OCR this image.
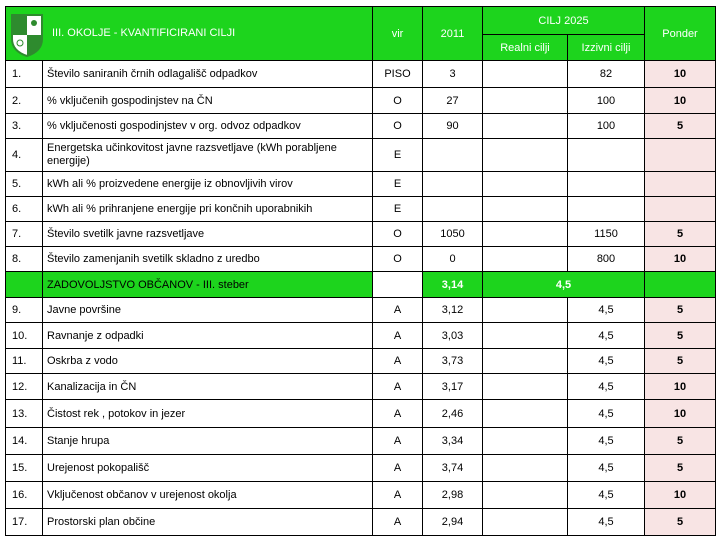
III. OKOLJE - KVANTIFICIRANI CILJI		vir	2011	CILJ 2025		Ponder
				Realni cilji	Izzivni cilji	
1.	Število saniranih črnih odlagališč odpadkov	PISO	3		82	10
2.	% vključenih gospodinjstev na ČN	O	27		100	10
3.	% vključenosti gospodinjstev v org. odvoz odpadkov	O	90		100	5
4.	Energetska učinkovitost javne razsvetljave (kWh porabljene energije)	E				
5.	kWh ali % proizvedene energije iz obnovljivih virov	E				
6.	kWh ali % prihranjene energije pri končnih uporabnikih	E				
7.	Število svetilk javne razsvetljave	O	1050		1150	5
8.	Število zamenjanih svetilk skladno z uredbo	O	0		800	10
	ZADOVOLJSTVO OBČANOV - III. steber		3,14	4,5		
9.	Javne površine	A	3,12		4,5	5
10.	Ravnanje z odpadki	A	3,03		4,5	5
11.	Oskrba z vodo	A	3,73		4,5	5
12.	Kanalizacija in ČN	A	3,17		4,5	10
13.	Čistost rek , potokov in jezer	A	2,46		4,5	10
14.	Stanje hrupa	A	3,34		4,5	5
15.	Urejenost pokopališč	A	3,74		4,5	5
16.	Vključenost občanov v urejenost okolja	A	2,98		4,5	10
17.	Prostorski plan občine	A	2,94		4,5	5
